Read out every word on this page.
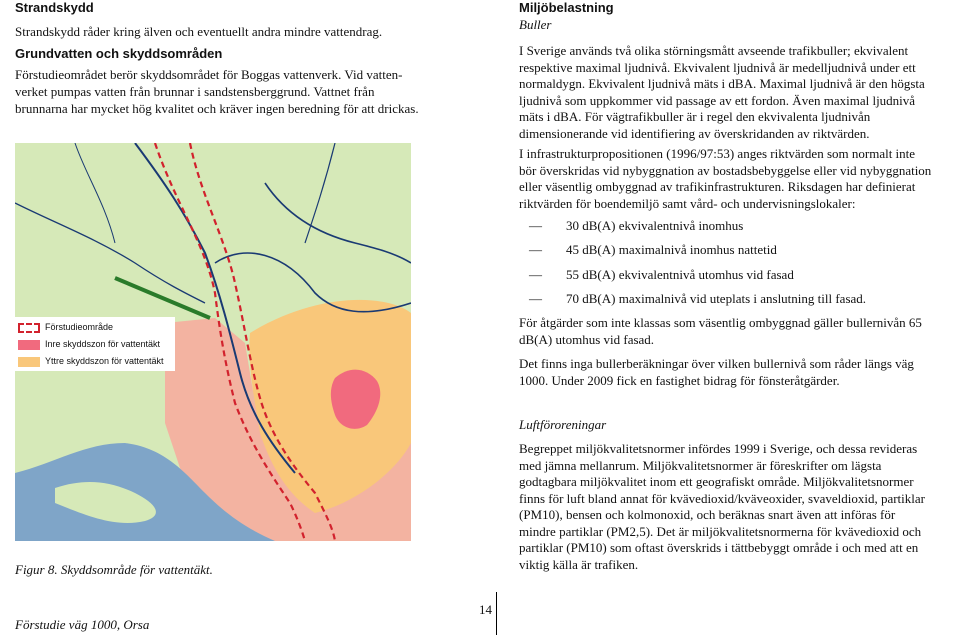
Strandskydd
Strandskydd råder kring älven och eventuellt andra mindre vattendrag.
Grundvatten och skyddsområden
Förstudieområdet berör skyddsområdet för Boggas vattenverk. Vid vatten-
verket pumpas vatten från brunnar i sandstensberggrund. Vattnet från
brunnarna har mycket hög kvalitet och kräver ingen beredning för att drickas.
Förstudieområde
Inre skyddszon för vattentäkt
Yttre skyddszon för vattentäkt
Figur 8. Skyddsområde för vattentäkt.
Miljöbelastning
Buller
I Sverige används två olika störningsmått avseende trafikbuller; ekvivalent
respektive maximal ljudnivå. Ekvivalent ljudnivå är medelljudnivå under ett
normaldygn. Ekvivalent ljudnivå mäts i dBA. Maximal ljudnivå är den högsta
ljudnivå som uppkommer vid passage av ett fordon. Även maximal ljudnivå
mäts i dBA. För vägtrafikbuller är i regel den ekvivalenta ljudnivån
dimensionerande vid identifiering av överskridanden av riktvärden.
I infrastrukturpropositionen (1996/97:53) anges riktvärden som normalt inte
bör överskridas vid nybyggnation av bostadsbebyggelse eller vid nybyggnation
eller väsentlig ombyggnad av trafikinfrastrukturen. Riksdagen har definierat
riktvärden för boendemiljö samt vård- och undervisningslokaler:
— 30 dB(A) ekvivalentnivå inomhus
— 45 dB(A) maximalnivå inomhus nattetid
— 55 dB(A) ekvivalentnivå utomhus vid fasad
— 70 dB(A) maximalnivå vid uteplats i anslutning till fasad.
För åtgärder som inte klassas som väsentlig ombyggnad gäller bullernivån 65
dB(A) utomhus vid fasad.
Det finns inga bullerberäkningar över vilken bullernivå som råder längs väg
1000. Under 2009 fick en fastighet bidrag för fönsteråtgärder.
Luftföroreningar
Begreppet miljökvalitetsnormer infördes 1999 i Sverige, och dessa revideras
med jämna mellanrum. Miljökvalitetsnormer är föreskrifter om lägsta
godtagbara miljökvalitet inom ett geografiskt område. Miljökvalitetsnormer
finns för luft bland annat för kvävedioxid/kväveoxider, svaveldioxid, partiklar
(PM10), bensen och kolmonoxid, och beräknas snart även att införas för
mindre partiklar (PM2,5). Det är miljökvalitetsnormerna för kvävedioxid och
partiklar (PM10) som oftast överskrids i tättbebyggt område i och med att en
viktig källa är trafiken.
14
Förstudie väg 1000, Orsa
